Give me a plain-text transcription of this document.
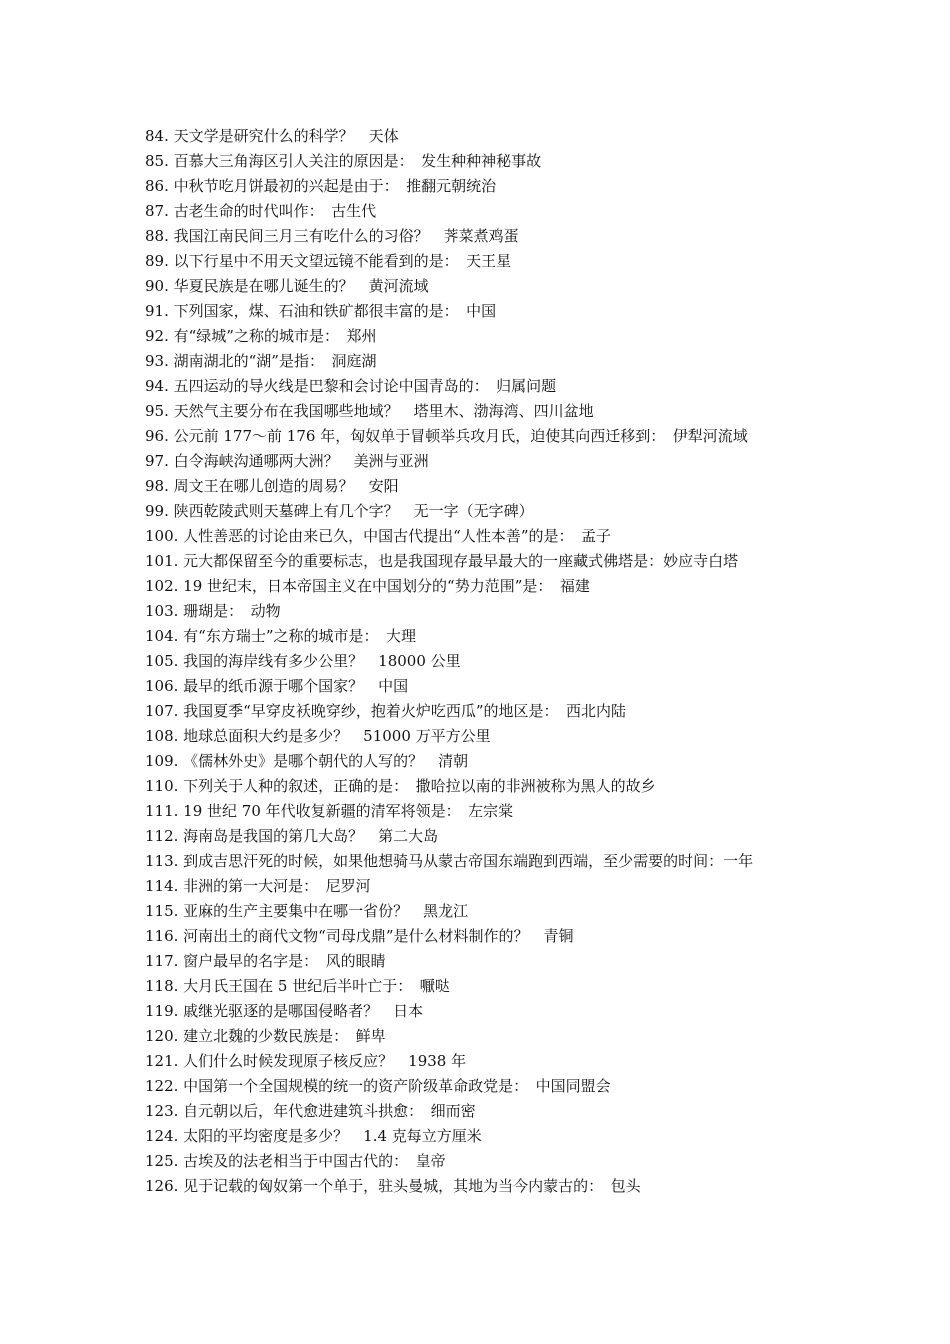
84. 天文学是研究什么的科学？　天体
85. 百慕大三角海区引人关注的原因是：　发生种种神秘事故
86. 中秋节吃月饼最初的兴起是由于：　推翻元朝统治
87. 古老生命的时代叫作：　古生代
88. 我国江南民间三月三有吃什么的习俗？　荠菜煮鸡蛋
89. 以下行星中不用天文望远镜不能看到的是：　天王星
90. 华夏民族是在哪儿诞生的？　黄河流域
91. 下列国家，煤、石油和铁矿都很丰富的是：　中国
92. 有“绿城”之称的城市是：　郑州
93. 湖南湖北的“湖”是指：　洞庭湖
94. 五四运动的导火线是巴黎和会讨论中国青岛的：　归属问题
95. 天然气主要分布在我国哪些地域？　塔里木、渤海湾、四川盆地
96. 公元前 177～前 176 年，匈奴单于冒顿举兵攻月氏，迫使其向西迁移到：　伊犁河流域
97. 白令海峡沟通哪两大洲？　美洲与亚洲
98. 周文王在哪儿创造的周易？　安阳
99. 陕西乾陵武则天墓碑上有几个字？　无一字（无字碑）
100. 人性善恶的讨论由来已久，中国古代提出“人性本善”的是：　孟子
101. 元大都保留至今的重要标志，也是我国现存最早最大的一座藏式佛塔是：妙应寺白塔
102. 19 世纪末，日本帝国主义在中国划分的“势力范围”是：　福建
103. 珊瑚是：　动物
104. 有“东方瑞士”之称的城市是：　大理
105. 我国的海岸线有多少公里？　18000 公里
106. 最早的纸币源于哪个国家？　中国
107. 我国夏季“早穿皮袄晚穿纱，抱着火炉吃西瓜”的地区是：　西北内陆
108. 地球总面积大约是多少？　51000 万平方公里
109. 《儒林外史》是哪个朝代的人写的？　清朝
110. 下列关于人种的叙述，正确的是：　撒哈拉以南的非洲被称为黑人的故乡
111. 19 世纪 70 年代收复新疆的清军将领是：　左宗棠
112. 海南岛是我国的第几大岛？　第二大岛
113. 到成吉思汗死的时候，如果他想骑马从蒙古帝国东端跑到西端，至少需要的时间：一年
114. 非洲的第一大河是：　尼罗河
115. 亚麻的生产主要集中在哪一省份？　黑龙江
116. 河南出土的商代文物“司母戊鼎”是什么材料制作的？　青铜
117. 窗户最早的名字是：　风的眼睛
118. 大月氏王国在 5 世纪后半叶亡于：　嚈哒
119. 戚继光驱逐的是哪国侵略者？　日本
120. 建立北魏的少数民族是：　鲜卑
121. 人们什么时候发现原子核反应？　1938 年
122. 中国第一个全国规模的统一的资产阶级革命政党是：　中国同盟会
123. 自元朝以后，年代愈进建筑斗拱愈：　细而密
124. 太阳的平均密度是多少？　1.4 克每立方厘米
125. 古埃及的法老相当于中国古代的：　皇帝
126. 见于记载的匈奴第一个单于，驻头曼城，其地为当今内蒙古的：　包头
